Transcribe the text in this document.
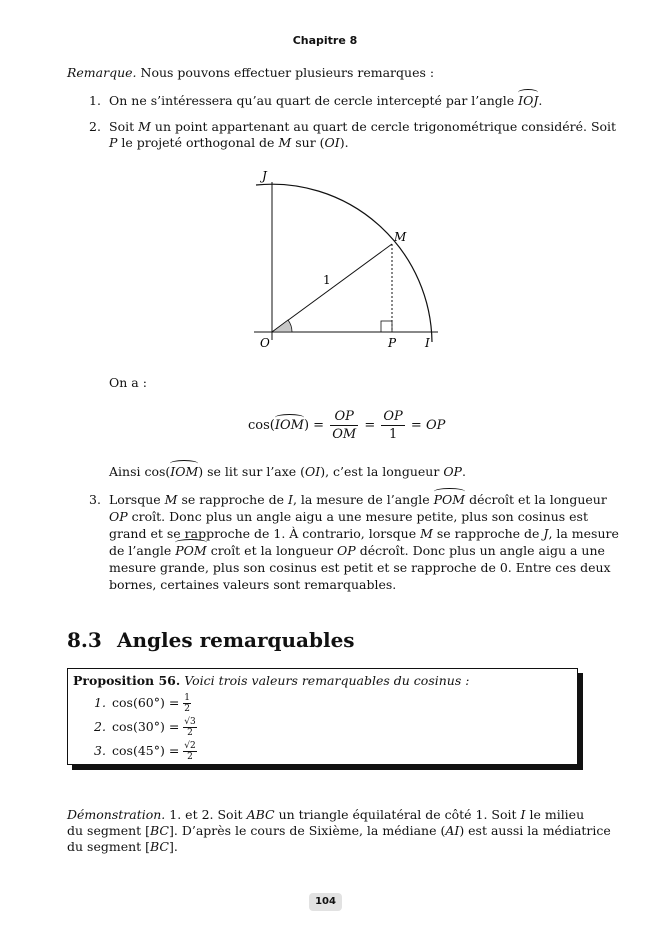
Chapitre 8
Remarque. Nous pouvons effectuer plusieurs remarques :
1. On ne s’intéressera qu’au quart de cercle intercepté par l’angle IOJ.
2. Soit M un point appartenant au quart de cercle trigonométrique considéré. Soit
P le projeté orthogonal de M sur (OI).
J
M
1
O	P I
On a :
$\cos(IOM) = \frac{OP}{OM} = \frac{OP}{1}$ = OP
Ainsi cos(IOM) se lit sur l’axe (OI), c’est la longueur OP.
3. Lorsque M se rapproche de I, la mesure de l’angle POM décroît et la longueur
OP croît. Donc plus un angle aigu a une mesure petite, plus son cosinus est
grand et se rapproche de 1. À contrario, lorsque M se rapproche de J, la mesure
de l’angle POM croît et la longueur OP décroît. Donc plus un angle aigu a une
mesure grande, plus son cosinus est petit et se rapproche de 0. Entre ces deux
bornes, certaines valeurs sont remarquables.
8.3 Angles remarquables
Proposition 56. Voici trois valeurs remarquables du cosinus :
1. $\cos(60^\circ) = \frac{1}{2}$
2. $\cos(30^\circ) = \frac{√3}{2}$
3. $\cos(45^\circ) = \frac{√2}{2}$
Démonstration. 1. et 2. Soit ABC un triangle équilatéral de côté 1. Soit I le milieu
du segment [BC]. D’après le cours de Sixième, la médiane (AI) est aussi la médiatrice
du segment [BC].
104
